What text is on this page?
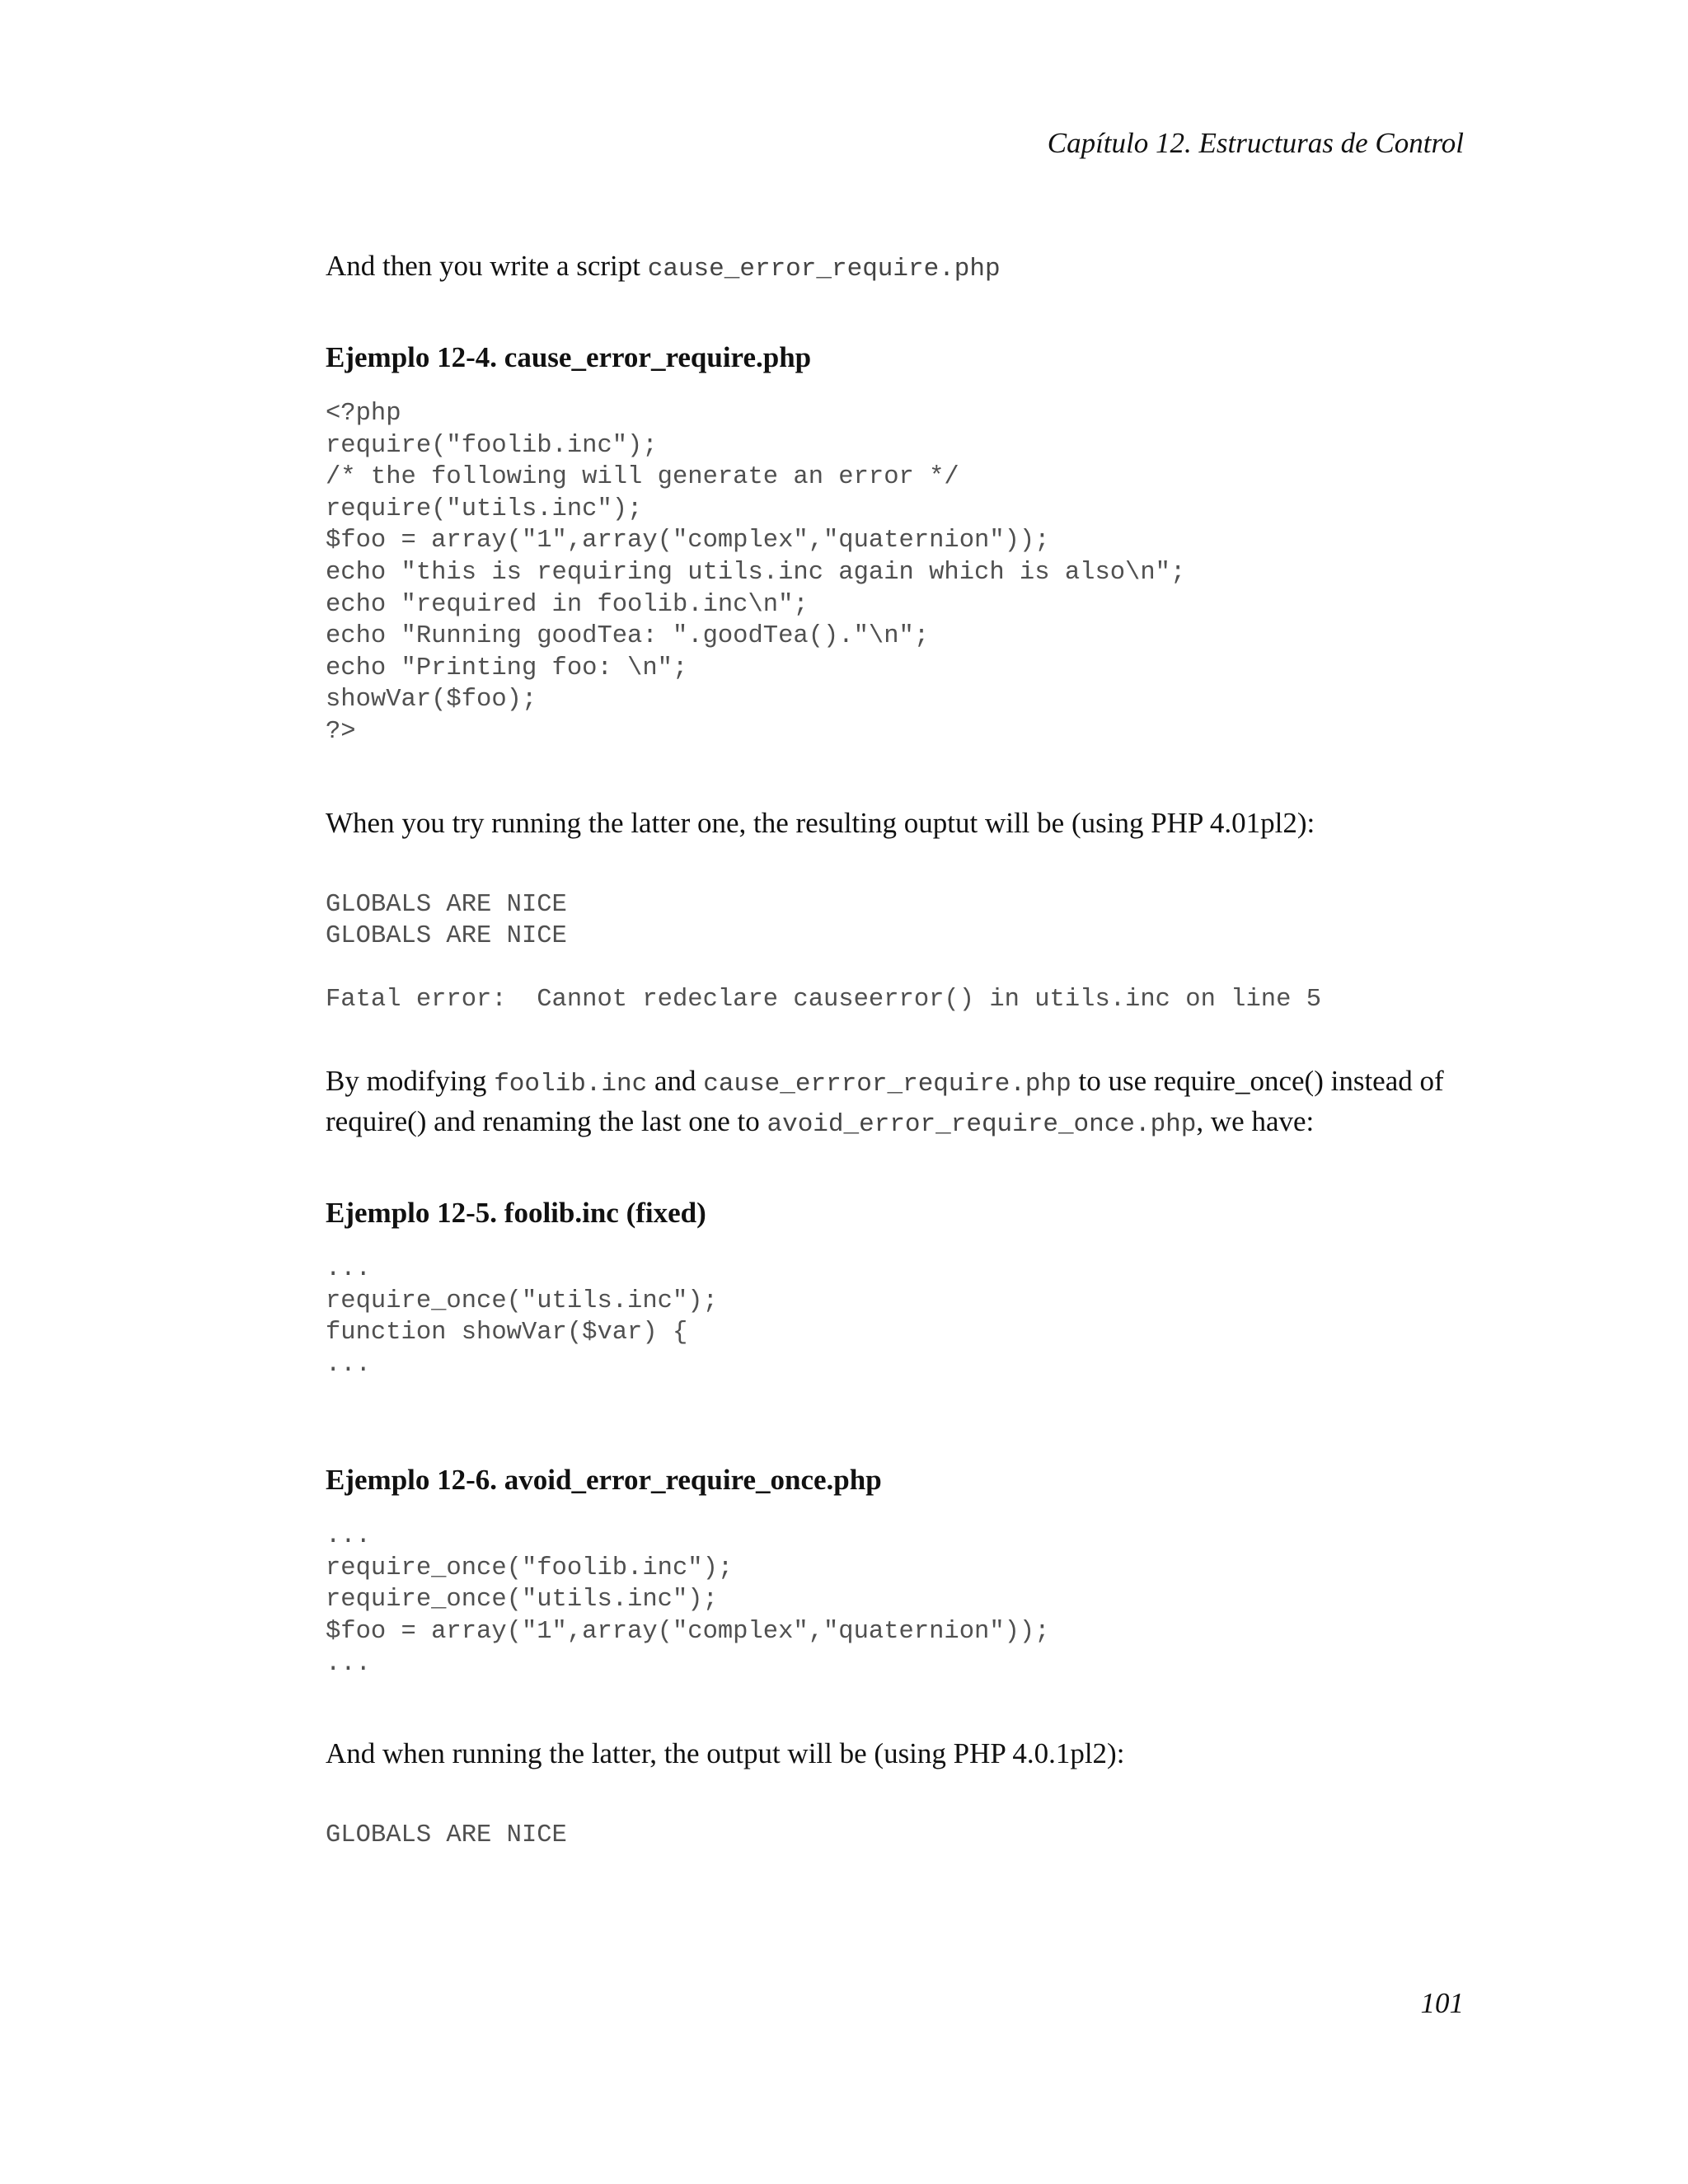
Capítulo 12. Estructuras de Control

And then you write a script cause_error_require.php

Ejemplo 12-4. cause_error_require.php
<?php
require("foolib.inc");
/* the following will generate an error */
require("utils.inc");
$foo = array("1",array("complex","quaternion"));
echo "this is requiring utils.inc again which is also\n";
echo "required in foolib.inc\n";
echo "Running goodTea: ".goodTea()."\n";
echo "Printing foo: \n";
showVar($foo);
?>

When you try running the latter one, the resulting ouptut will be (using PHP 4.01pl2):

GLOBALS ARE NICE
GLOBALS ARE NICE

Fatal error:  Cannot redeclare causeerror() in utils.inc on line 5

By modifying foolib.inc and cause_errror_require.php to use require_once() instead of require() and renaming the last one to avoid_error_require_once.php, we have:

Ejemplo 12-5. foolib.inc (fixed)
...
require_once("utils.inc");
function showVar($var) {
...
Ejemplo 12-6. avoid_error_require_once.php
...
require_once("foolib.inc");
require_once("utils.inc");
$foo = array("1",array("complex","quaternion"));
...

And when running the latter, the output will be (using PHP 4.0.1pl2):

GLOBALS ARE NICE
101
